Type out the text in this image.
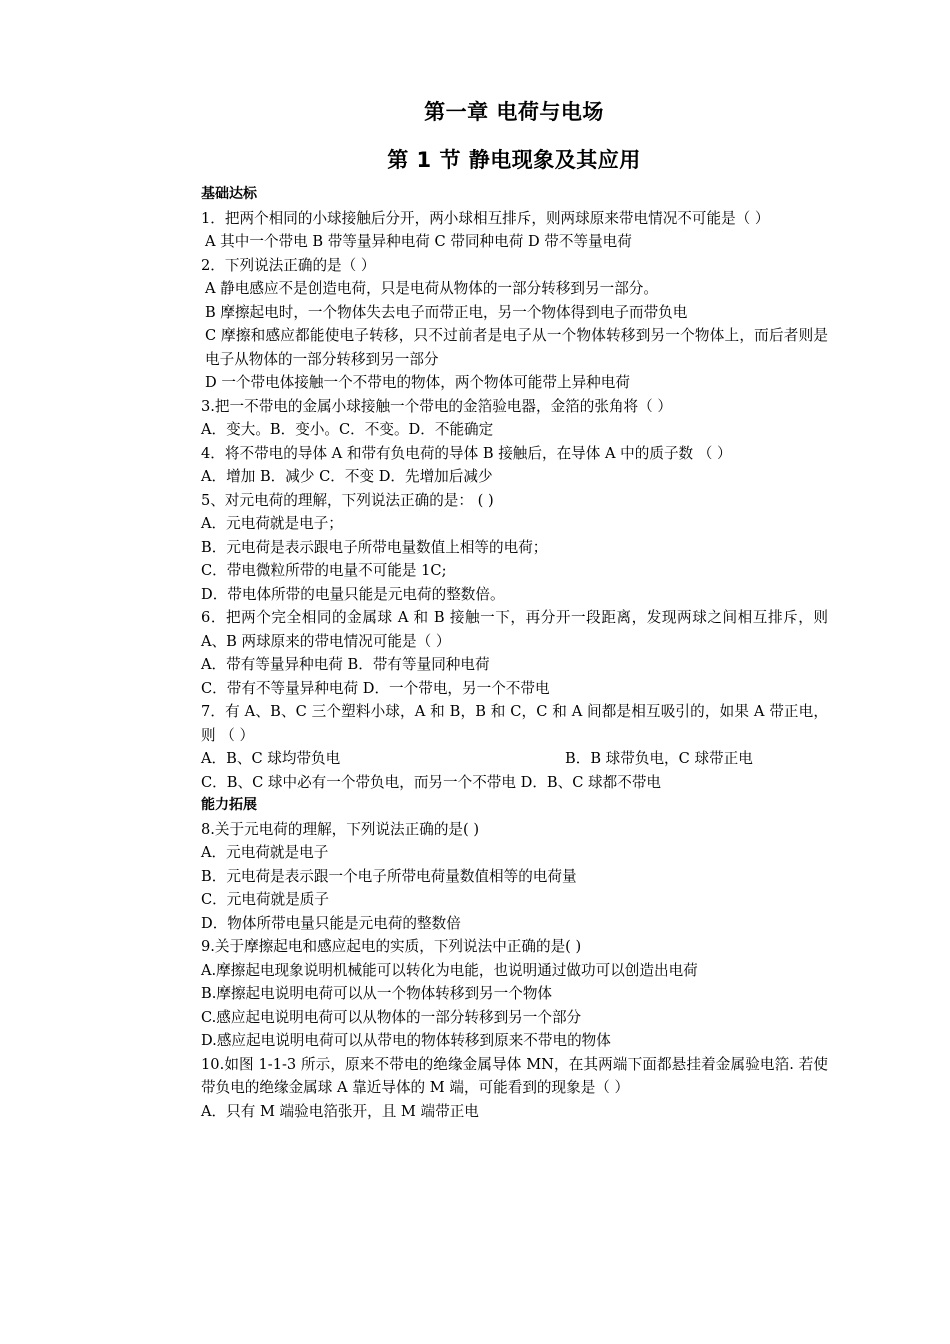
第一章 电荷与电场
第 1 节 静电现象及其应用
基础达标
1．把两个相同的小球接触后分开，两小球相互排斥，则两球原来带电情况不可能是（ ）
A 其中一个带电 B 带等量异种电荷 C 带同种电荷 D 带不等量电荷
2．下列说法正确的是（ ）
A 静电感应不是创造电荷，只是电荷从物体的一部分转移到另一部分。
B 摩擦起电时，一个物体失去电子而带正电，另一个物体得到电子而带负电
C 摩擦和感应都能使电子转移，只不过前者是电子从一个物体转移到另一个物体上，而后者则是电子从物体的一部分转移到另一部分
D 一个带电体接触一个不带电的物体，两个物体可能带上异种电荷
3.把一不带电的金属小球接触一个带电的金箔验电器，金箔的张角将（ ）
A．变大。B．变小。C．不变。D．不能确定
4．将不带电的导体 A 和带有负电荷的导体 B 接触后，在导体 A 中的质子数 （ ）
A．增加 B．减少 C．不变 D．先增加后减少
5、对元电荷的理解，下列说法正确的是： ( )
A．元电荷就是电子；
B．元电荷是表示跟电子所带电量数值上相等的电荷；
C．带电微粒所带的电量不可能是 1C;
D．带电体所带的电量只能是元电荷的整数倍。
6．把两个完全相同的金属球 A 和 B 接触一下，再分开一段距离，发现两球之间相互排斥，则 A、B 两球原来的带电情况可能是（ ）
A．带有等量异种电荷 B．带有等量同种电荷
C．带有不等量异种电荷 D．一个带电，另一个不带电
7．有 A、B、C 三个塑料小球，A 和 B，B 和 C，C 和 A 间都是相互吸引的，如果 A 带正电，则 （ ）
A．B、C 球均带负电	B．B 球带负电，C 球带正电
C．B、C 球中必有一个带负电，而另一个不带电 D．B、C 球都不带电
能力拓展
8.关于元电荷的理解，下列说法正确的是( )
A．元电荷就是电子
B．元电荷是表示跟一个电子所带电荷量数值相等的电荷量
C．元电荷就是质子
D．物体所带电量只能是元电荷的整数倍
9.关于摩擦起电和感应起电的实质，下列说法中正确的是( )
A.摩擦起电现象说明机械能可以转化为电能，也说明通过做功可以创造出电荷
B.摩擦起电说明电荷可以从一个物体转移到另一个物体
C.感应起电说明电荷可以从物体的一部分转移到另一个部分
D.感应起电说明电荷可以从带电的物体转移到原来不带电的物体
10.如图 1-1-3 所示，原来不带电的绝缘金属导体 MN，在其两端下面都悬挂着金属验电箔. 若使带负电的绝缘金属球 A 靠近导体的 M 端，可能看到的现象是（ ）
A．只有 M 端验电箔张开，且 M 端带正电
